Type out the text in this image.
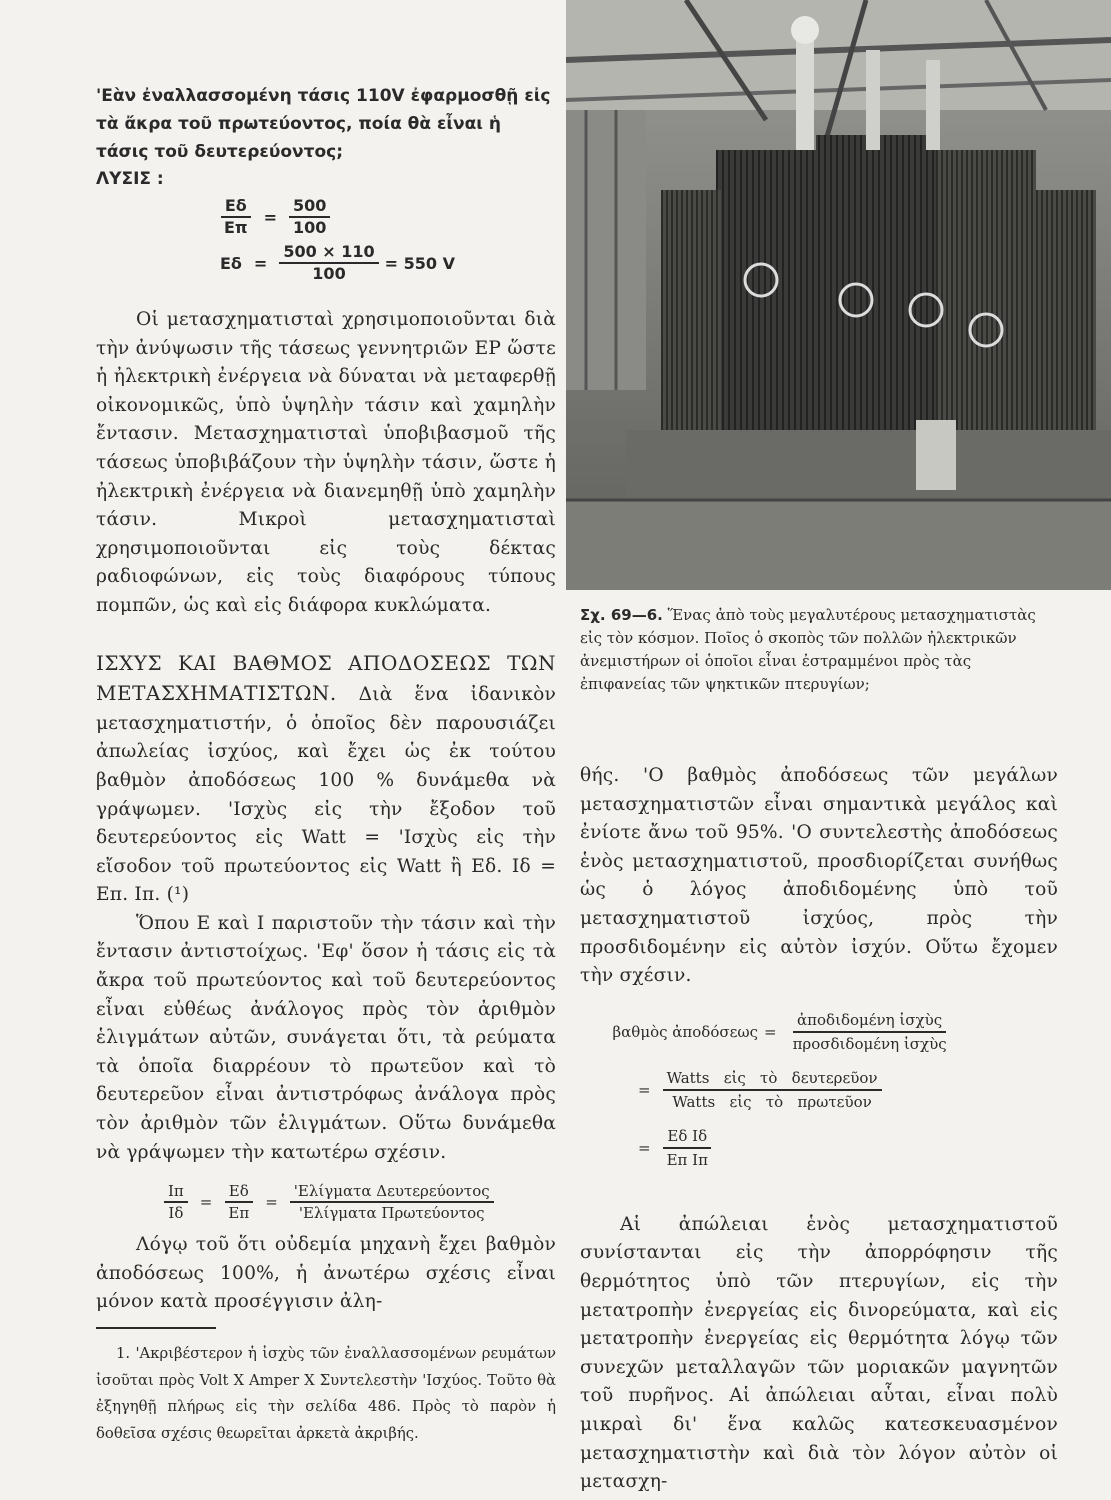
'Εὰν ἐναλλασσομένη τάσις 110V ἐφαρμοσθῇ εἰς τὰ ἄκρα τοῦ πρωτεύοντος, ποία θὰ εἶναι ἡ τάσις τοῦ δευτερεύοντος;

ΛΥΣΙΣ :

$\frac{E\delta}{E\pi} = \frac{500}{100}$
$E\delta = \frac{500 \times 110}{100} = 550$ V

Οἱ μετασχηματισταὶ χρησιμοποιοῦνται διὰ τὴν ἀνύψωσιν τῆς τάσεως γεννητριῶν ΕΡ ὥστε ἡ ἠλεκτρικὴ ἐνέργεια νὰ δύναται νὰ μεταφερθῇ οἰκονομικῶς, ὑπὸ ὑψηλὴν τάσιν καὶ χαμηλὴν ἔντασιν. Μετασχηματισταὶ ὑποβιβασμοῦ τῆς τάσεως ὑποβιβάζουν τὴν ὑψηλὴν τάσιν, ὥστε ἡ ἠλεκτρικὴ ἐνέργεια νὰ διανεμηθῇ ὑπὸ χαμηλὴν τάσιν. Μικροὶ μετασχηματισταὶ χρησιμοποιοῦνται εἰς τοὺς δέκτας ραδιοφώνων, εἰς τοὺς διαφόρους τύπους πομπῶν, ὡς καὶ εἰς διάφορα κυκλώματα.

ΙΣΧΥΣ ΚΑΙ ΒΑΘΜΟΣ ΑΠΟΔΟΣΕΩΣ ΤΩΝ ΜΕΤΑΣΧΗΜΑΤΙΣΤΩΝ. Διὰ ἕνα ἰδανικὸν μετασχηματιστήν, ὁ ὁποῖος δὲν παρουσιάζει ἀπωλείας ἰσχύος, καὶ ἔχει ὡς ἐκ τούτου βαθμὸν ἀποδόσεως 100 % δυνάμεθα νὰ γράψωμεν. 'Ισχὺς εἰς τὴν ἔξοδον τοῦ δευτερεύοντος εἰς Watt = 'Ισχὺς εἰς τὴν εἴσοδον τοῦ πρωτεύοντος εἰς Watt ἢ Εδ. Ιδ = Επ. Ιπ. (¹)

Ὅπου Ε καὶ Ι παριστοῦν τὴν τάσιν καὶ τὴν ἔντασιν ἀντιστοίχως. 'Εφ' ὅσον ἡ τάσις εἰς τὰ ἄκρα τοῦ πρωτεύοντος καὶ τοῦ δευτερεύοντος εἶναι εὐθέως ἀνάλογος πρὸς τὸν ἀριθμὸν ἑλιγμάτων αὐτῶν, συνάγεται ὅτι, τὰ ρεύματα τὰ ὁποῖα διαρρέουν τὸ πρωτεῦον καὶ τὸ δευτερεῦον εἶναι ἀντιστρόφως ἀνάλογα πρὸς τὸν ἀριθμὸν τῶν ἑλιγμάτων. Οὕτω δυνάμεθα νὰ γράψωμεν τὴν κατωτέρω σχέσιν.

$\frac{I\pi}{I\delta} = \frac{E\delta}{E\pi} = \frac{\text{'Ελίγματα Δευτερεύοντος}}{\text{'Ελίγματα Πρωτεύοντος}}$

Λόγῳ τοῦ ὅτι οὐδεμία μηχανὴ ἔχει βαθμὸν ἀποδόσεως 100%, ἡ ἀνωτέρω σχέσις εἶναι μόνον κατὰ προσέγγισιν ἀλη-

1. 'Ακριβέστερον ἡ ἰσχὺς τῶν ἐναλλασσομένων ρευμάτων ἰσοῦται πρὸς Volt X Amper X Συντελεστὴν 'Ισχύος. Τοῦτο θὰ ἐξηγηθῇ πλήρως εἰς τὴν σελίδα 486. Πρὸς τὸ παρὸν ἡ δοθεῖσα σχέσις θεωρεῖται ἀρκετὰ ἀκριβής.

Σχ. 69—6. Ἕνας ἀπὸ τοὺς μεγαλυτέρους μετασχηματιστὰς εἰς τὸν κόσμον. Ποῖος ὁ σκοπὸς τῶν πολλῶν ἠλεκτρικῶν ἀνεμιστήρων οἱ ὁποῖοι εἶναι ἐστραμμένοι πρὸς τὰς ἐπιφανείας τῶν ψηκτικῶν πτερυγίων;

θής. 'Ο βαθμὸς ἀποδόσεως τῶν μεγάλων μετασχηματιστῶν εἶναι σημαντικὰ μεγάλος καὶ ἐνίοτε ἄνω τοῦ 95%. 'Ο συντελεστὴς ἀποδόσεως ἑνὸς μετασχηματιστοῦ, προσδιορίζεται συνήθως ὡς ὁ λόγος ἀποδιδομένης ὑπὸ τοῦ μετασχηματιστοῦ ἰσχύος, πρὸς τὴν προσδιδομένην εἰς αὐτὸν ἰσχύν. Οὕτω ἔχομεν τὴν σχέσιν.

βαθμὸς ἀποδόσεως = $\frac{\text{ἀποδιδομένη ἰσχὺς}}{\text{προσδιδομένη ἰσχὺς}}$
= $\frac{\text{Watts   εἰς   τὸ   δευτερεῦον}}{\text{Watts   εἰς   τὸ   πρωτεῦον}}$
= $\frac{\text{Eδ Iδ}}{\text{Eπ Iπ}}$

Αἱ ἀπώλειαι ἑνὸς μετασχηματιστοῦ συνίστανται εἰς τὴν ἀπορρόφησιν τῆς θερμότητος ὑπὸ τῶν πτερυγίων, εἰς τὴν μετατροπὴν ἐνεργείας εἰς δινορεύματα, καὶ εἰς μετατροπὴν ἐνεργείας εἰς θερμότητα λόγῳ τῶν συνεχῶν μεταλλαγῶν τῶν μοριακῶν μαγνητῶν τοῦ πυρῆνος. Αἱ ἀπώλειαι αὗται, εἶναι πολὺ μικραὶ δι' ἕνα καλῶς κατεσκευασμένον μετασχηματιστὴν καὶ διὰ τὸν λόγον αὐτὸν οἱ μετασχη-
